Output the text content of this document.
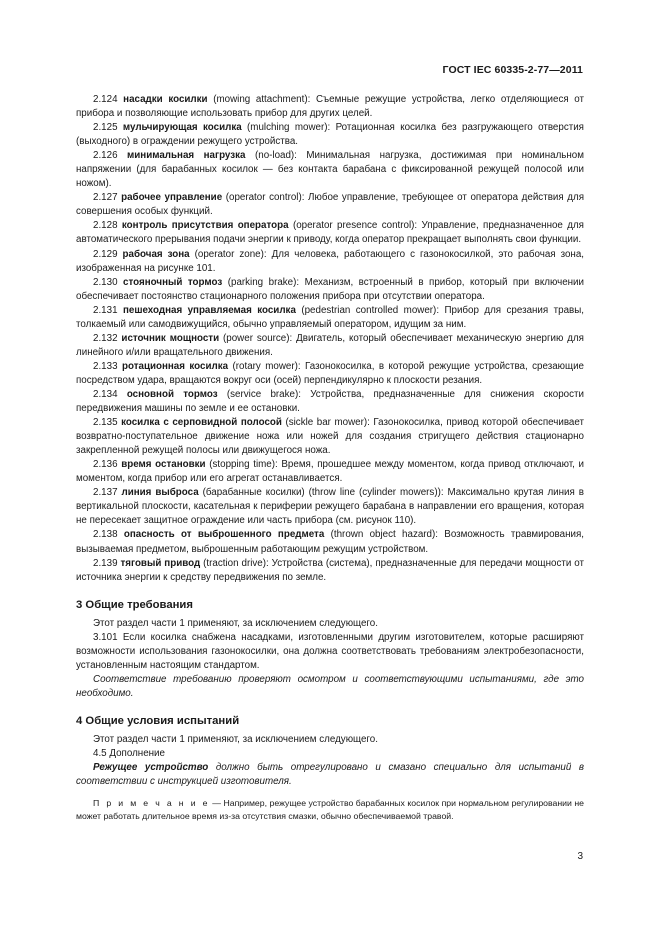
ГОСТ IEC 60335-2-77—2011

2.124 насадки косилки (mowing attachment): Съемные режущие устройства, легко отделяющиеся от прибора и позволяющие использовать прибор для других целей.

2.125 мульчирующая косилка (mulching mower): Ротационная косилка без разгружающего отверстия (выходного) в ограждении режущего устройства.

2.126 минимальная нагрузка (no-load): Минимальная нагрузка, достижимая при номинальном напряжении (для барабанных косилок — без контакта барабана с фиксированной режущей полосой или ножом).

2.127 рабочее управление (operator control): Любое управление, требующее от оператора действия для совершения особых функций.

2.128 контроль присутствия оператора (operator presence control): Управление, предназначенное для автоматического прерывания подачи энергии к приводу, когда оператор прекращает выполнять свои функции.

2.129 рабочая зона (operator zone): Для человека, работающего с газонокосилкой, это рабочая зона, изображенная на рисунке 101.

2.130 стояночный тормоз (parking brake): Механизм, встроенный в прибор, который при включении обеспечивает постоянство стационарного положения прибора при отсутствии оператора.

2.131 пешеходная управляемая косилка (pedestrian controlled mower): Прибор для срезания травы, толкаемый или самодвижущийся, обычно управляемый оператором, идущим за ним.

2.132 источник мощности (power source): Двигатель, который обеспечивает механическую энергию для линейного и/или вращательного движения.

2.133 ротационная косилка (rotary mower): Газонокосилка, в которой режущие устройства, срезающие посредством удара, вращаются вокруг оси (осей) перпендикулярно к плоскости резания.

2.134 основной тормоз (service brake): Устройства, предназначенные для снижения скорости передвижения машины по земле и ее остановки.

2.135 косилка с серповидной полосой (sickle bar mower): Газонокосилка, привод которой обеспечивает возвратно-поступательное движение ножа или ножей для создания стригущего действия стационарно закрепленной режущей полосы или движущегося ножа.

2.136 время остановки (stopping time): Время, прошедшее между моментом, когда привод отключают, и моментом, когда прибор или его агрегат останавливается.

2.137 линия выброса (барабанные косилки) (throw line (cylinder mowers)): Максимально крутая линия в вертикальной плоскости, касательная к периферии режущего барабана в направлении его вращения, которая не пересекает защитное ограждение или часть прибора (см. рисунок 110).

2.138 опасность от выброшенного предмета (thrown object hazard): Возможность травмирования, вызываемая предметом, выброшенным работающим режущим устройством.

2.139 тяговый привод (traction drive): Устройства (система), предназначенные для передачи мощности от источника энергии к средству передвижения по земле.

3 Общие требования

Этот раздел части 1 применяют, за исключением следующего.

3.101 Если косилка снабжена насадками, изготовленными другим изготовителем, которые расширяют возможности использования газонокосилки, она должна соответствовать требованиям электробезопасности, установленным настоящим стандартом.

Соответствие требованию проверяют осмотром и соответствующими испытаниями, где это необходимо.

4 Общие условия испытаний

Этот раздел части 1 применяют, за исключением следующего.

4.5 Дополнение

Режущее устройство должно быть отрегулировано и смазано специально для испытаний в соответствии с инструкцией изготовителя.

П р и м е ч а н и е — Например, режущее устройство барабанных косилок при нормальном регулировании не может работать длительное время из-за отсутствия смазки, обычно обеспечиваемой травой.

3
